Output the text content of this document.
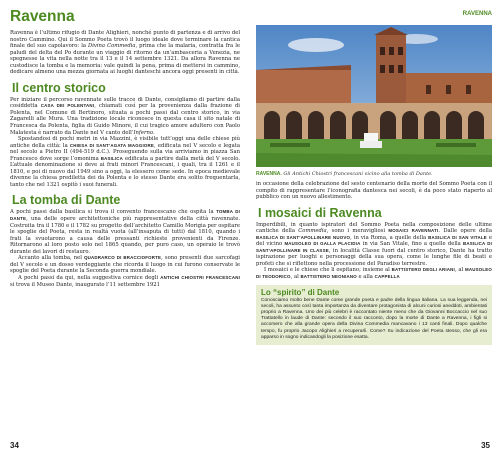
Ravenna

Ravenna è l’ultimo rifugio di Dante Alighieri, nonché punto di partenza e di arrivo del nostro Cammino. Qui il Sommo Poeta trovò il luogo ideale dove terminare la cantica finale del suo capolavoro: la Divina Commedia, prima che la malaria, contratta fra le paludi del delta del Po durante un viaggio di ritorno da un’ambasceria a Venezia, ne spegnesse la vita nella notte tra il 13 e il 14 settembre 1321. Da allora Ravenna ne custodisce la tomba e la memoria: vale quindi la pena, prima di mettersi in cammino, dedicare almeno una mezza giornata ai luoghi danteschi ancora oggi presenti in città.

Il centro storico

Per iniziare il percorso ravennate sulle tracce di Dante, consigliamo di partire dalla cosiddetta CASA DEI POLENTANI, chiamati così per la provenienza dalla frazione di Polenta, nel Comune di Bertinoro, situata a pochi passi dal centro storico, in via Zagarelli alle Mura. Una tradizione locale riconosce in questa casa il sito natale di Francesca da Polenta, figlia di Guido Minore, il cui tragico amore adultero con Paolo Malatesta è narrato da Dante nel V canto dell’Inferno.

Spostandosi di pochi metri in via Mazzini, è visibile tutt’oggi una delle chiese più antiche della città: la CHIESA DI SANT’AGATA MAGGIORE, edificata nel V secolo e legata nel secolo a Pietro II (494-519 d.C.). Proseguendo sulla via arriviamo in piazza San Francesco dove sorge l’omonima BASILICA edificata a partire dalla metà del V secolo. L’attuale denominazione si deve ai frati minori Francescani, i quali, tra il 1261 e il 1810, e poi di nuovo dal 1949 sino a oggi, la elessero come sede. In epoca medievale divenne la chiesa prediletta dei da Polenta e lo stesso Dante era solito frequentarla, tanto che nel 1321 ospitò i suoi funerali.

La tomba di Dante

A pochi passi dalla basilica si trova il convento francescano che ospita la TOMBA DI DANTE, una delle opere architettoniche più rappresentative della città ravennate. Costruita tra il 1780 e il 1782 su progetto dell’architetto Camillo Morigia per ospitare le spoglie del Poeta, resta in realtà vuota (all’insaputa di tutti) dal 1810, quando i frati la svuotarono a causa delle pressanti richieste provenienti da Firenze. Ritornarono al loro posto solo nel 1865 quando, per puro caso, un operaio le trovò durante dei lavori di restauro.

Accanto alla tomba, nel QUADRARCO DI BRACCIOFORTE, sono presenti due sarcofagi del V secolo e un dosso verdeggiante che ricorda il luogo in cui furono conservate le spoglie del Poeta durante la Seconda guerra mondiale.

A pochi passi da qui, nella suggestiva cornice degli ANTICHI CHIOSTRI FRANCESCANI si trova il Museo Dante, inaugurato l’11 settembre 1921

34
RAVENNA
RAVENNA. Gli Antichi Chiostri francescani vicino alla tomba di Dante.

in occasione della celebrazione del sesto centenario della morte del Sommo Poeta con il compito di rappresentare l’iconografia dantesca nei secoli, è da poco stato riaperto al pubblico con un nuovo allestimento.

I mosaici di Ravenna

Imperdibili, in quanto ispiratori del Sommo Poeta nella composizione delle ultime cantiche della Commedia, sono i meravigliosi MOSAICI RAVENNATI. Dalle opere della BASILICA DI SANT’APOLLINARE NUOVO, in via Roma, a quelle della BASILICA DI SAN VITALE e del vicino MAUSOLEO DI GALLA PLACIDIA in via San Vitale, fino a quelle della BASILICA DI SANT’APOLLINARE IN CLASSE, in località Classe fuori dal centro storico, Dante ha tratto ispirazione per luoghi e personaggi della sua opera, come le lunghe file di beati e profeti che si riflettono nella processione del Paradiso terrestre.

I mosaici e le chiese che li ospitano; insieme al BATTISTERO DEGLI ARIANI, al MAUSOLEO DI TEODORICO, al BATTISTERO NEONIANO e alla CAPPELLA

Lo “spirito” di Dante

Conosciamo molto bene Dante come grande poeta e padre della lingua italiana. La sua leggenda, nei secoli, ha assunto così tanta importanza da diventare protagonista di alcuni curiosi aneddoti, ambientati proprio a Ravenna. Uno dei più celebri è raccontato niente meno che da Giovanni Boccaccio nel suo Trattatello in laude di Dante: secondo il suo racconto, dopo la morte di Dante a Ravenna, i figli si accorsero che alla grande opera della Divina Commedia mancavano i 13 canti finali. Dopo qualche tempo, fu proprio Jacopo Alighieri a recuperarli. Come? Su indicazione del Poeta stesso, che gli era apparso in sogno indicandogli la posizione esatta.

35
